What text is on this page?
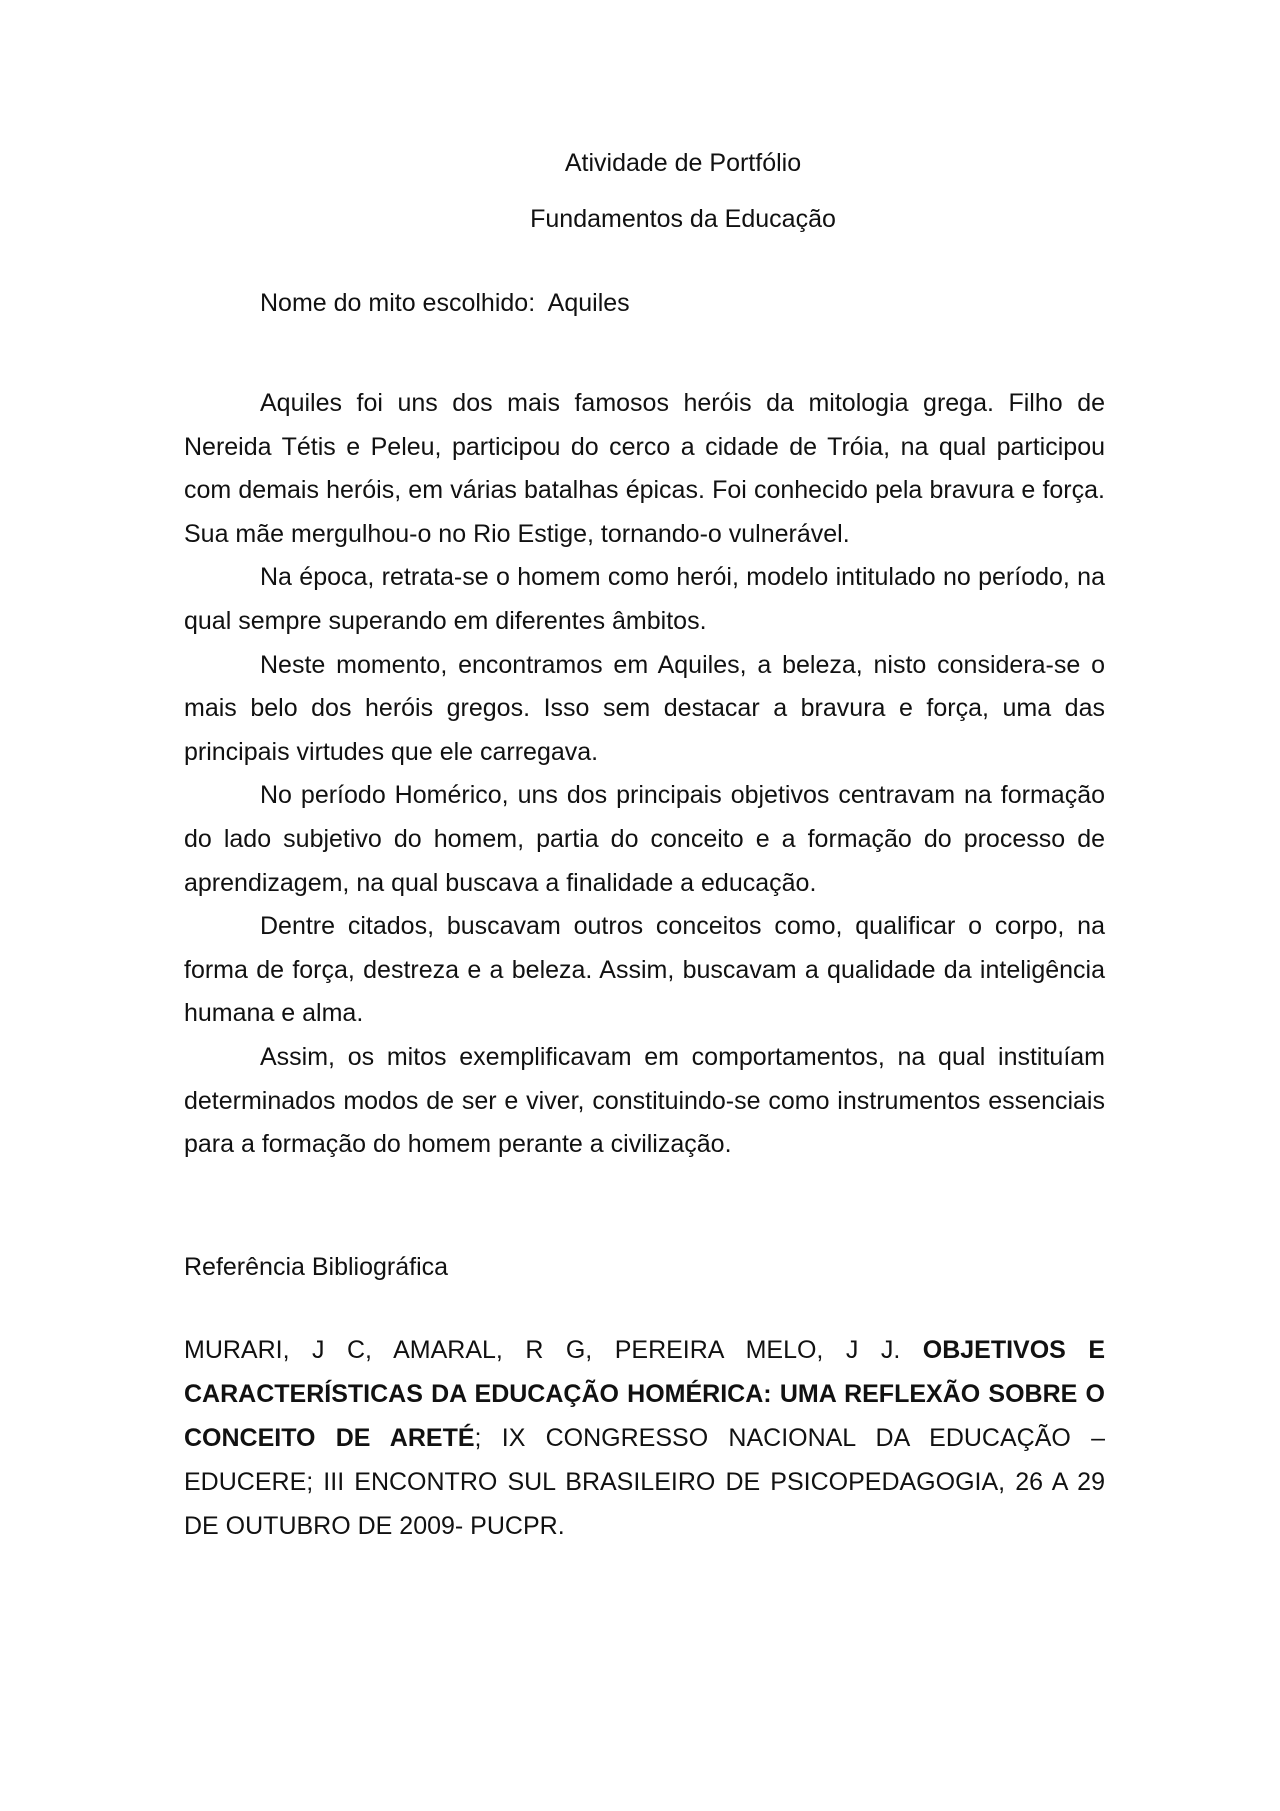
Atividade de Portfólio

Fundamentos da Educação

Nome do mito escolhido: Aquiles

Aquiles foi uns dos mais famosos heróis da mitologia grega. Filho de Nereida Tétis e Peleu, participou do cerco a cidade de Tróia, na qual participou com demais heróis, em várias batalhas épicas. Foi conhecido pela bravura e força. Sua mãe mergulhou-o no Rio Estige, tornando-o vulnerável.

Na época, retrata-se o homem como herói, modelo intitulado no período, na qual sempre superando em diferentes âmbitos.

Neste momento, encontramos em Aquiles, a beleza, nisto considera-se o mais belo dos heróis gregos. Isso sem destacar a bravura e força, uma das principais virtudes que ele carregava.

No período Homérico, uns dos principais objetivos centravam na formação do lado subjetivo do homem, partia do conceito e a formação do processo de aprendizagem, na qual buscava a finalidade a educação.

Dentre citados, buscavam outros conceitos como, qualificar o corpo, na forma de força, destreza e a beleza. Assim, buscavam a qualidade da inteligência humana e alma.

Assim, os mitos exemplificavam em comportamentos, na qual instituíam determinados modos de ser e viver, constituindo-se como instrumentos essenciais para a formação do homem perante a civilização.

Referência Bibliográfica

MURARI, J C, AMARAL, R G, PEREIRA MELO, J J. OBJETIVOS E CARACTERÍSTICAS DA EDUCAÇÃO HOMÉRICA: UMA REFLEXÃO SOBRE O CONCEITO DE ARETÉ; IX CONGRESSO NACIONAL DA EDUCAÇÃO – EDUCERE; III ENCONTRO SUL BRASILEIRO DE PSICOPEDAGOGIA, 26 A 29 DE OUTUBRO DE 2009- PUCPR.
